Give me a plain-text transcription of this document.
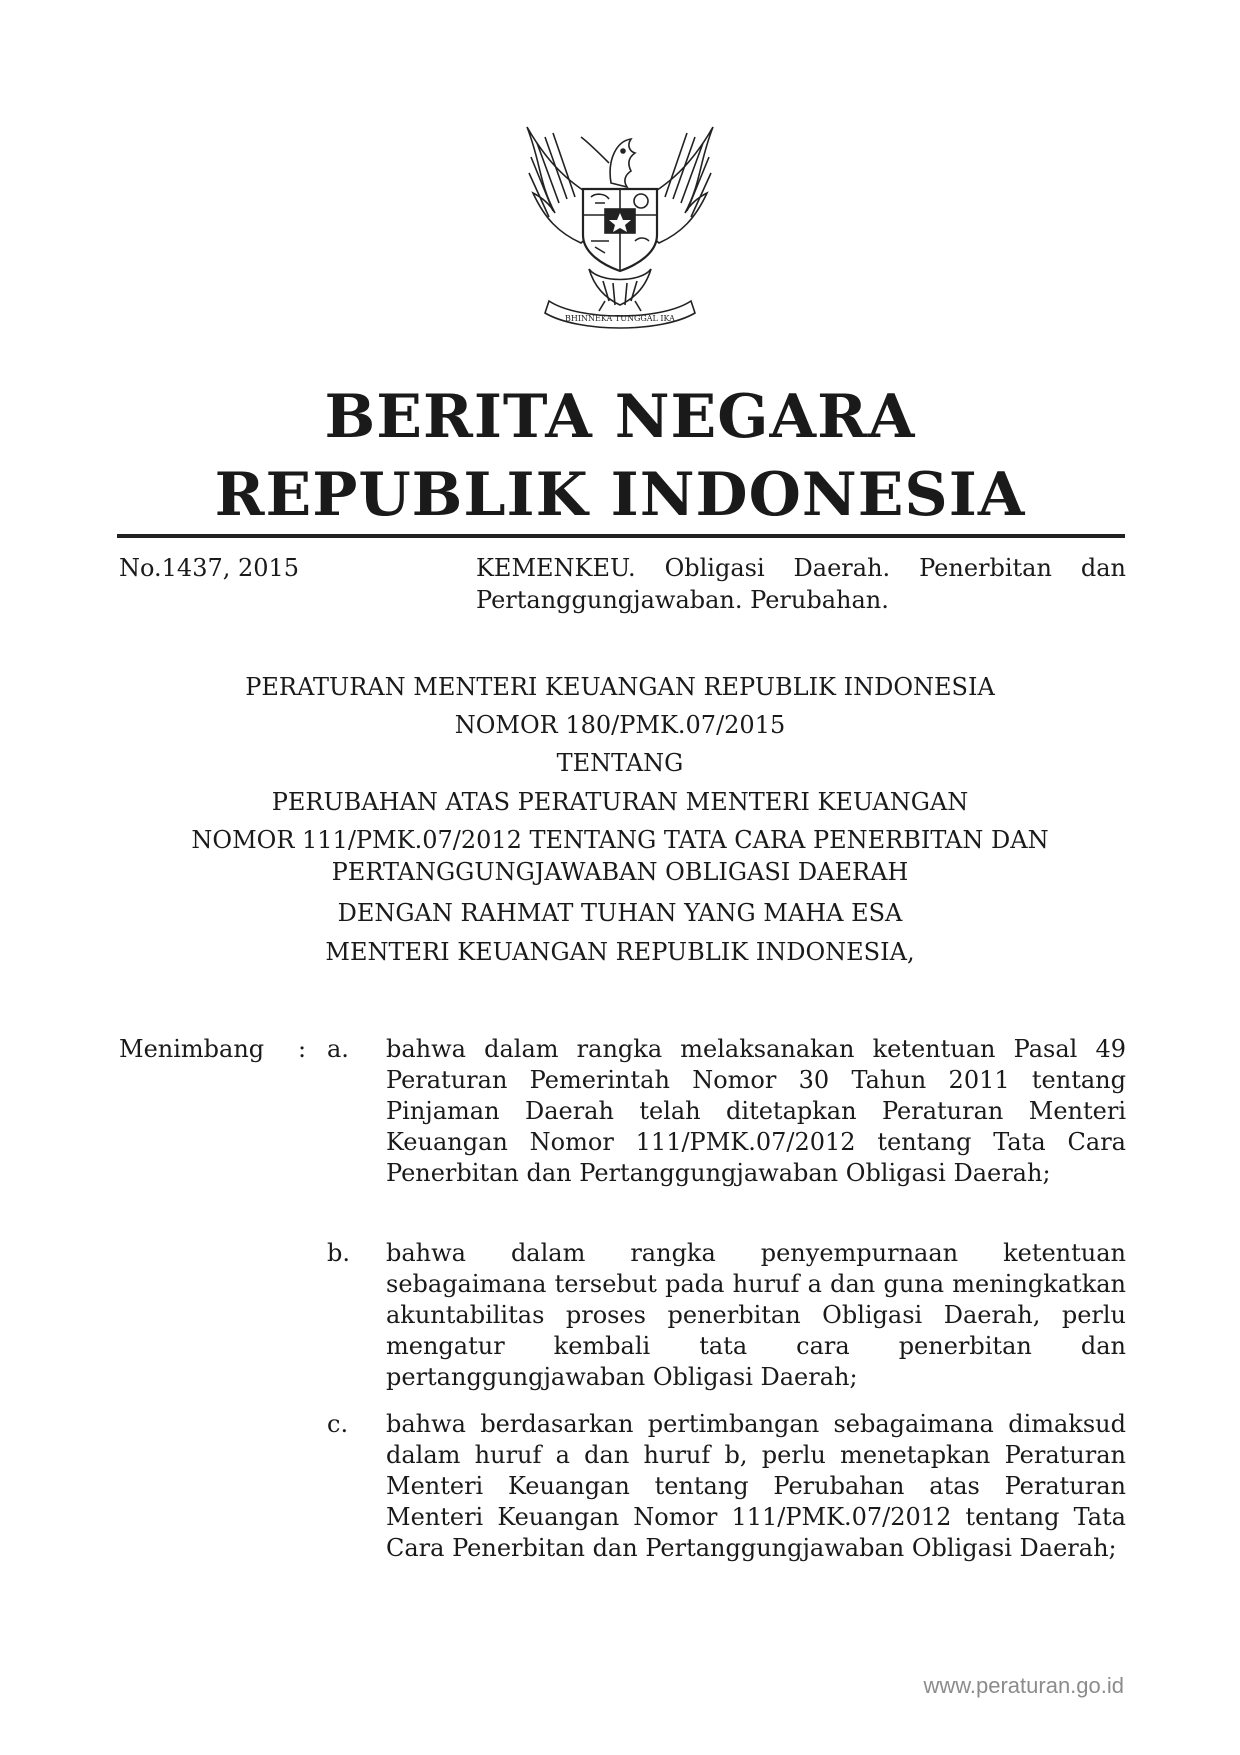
BHINNEKA TUNGGAL IKA
BERITA NEGARA
REPUBLIK INDONESIA
No.1437, 2015	KEMENKEU. Obligasi Daerah. Penerbitan dan Pertanggungjawaban. Perubahan.
PERATURAN MENTERI KEUANGAN REPUBLIK INDONESIA
NOMOR 180/PMK.07/2015
TENTANG
PERUBAHAN ATAS PERATURAN MENTERI KEUANGAN
NOMOR 111/PMK.07/2012 TENTANG TATA CARA PENERBITAN DAN
PERTANGGUNGJAWABAN OBLIGASI DAERAH
DENGAN RAHMAT TUHAN YANG MAHA ESA
MENTERI KEUANGAN REPUBLIK INDONESIA,
Menimbang : a. bahwa dalam rangka melaksanakan ketentuan Pasal 49 Peraturan Pemerintah Nomor 30 Tahun 2011 tentang Pinjaman Daerah telah ditetapkan Peraturan Menteri Keuangan Nomor 111/PMK.07/2012 tentang Tata Cara Penerbitan dan Pertanggungjawaban Obligasi Daerah;
b. bahwa dalam rangka penyempurnaan ketentuan sebagaimana tersebut pada huruf a dan guna meningkatkan akuntabilitas proses penerbitan Obligasi Daerah, perlu mengatur kembali tata cara penerbitan dan pertanggungjawaban Obligasi Daerah;
c. bahwa berdasarkan pertimbangan sebagaimana dimaksud dalam huruf a dan huruf b, perlu menetapkan Peraturan Menteri Keuangan tentang Perubahan atas Peraturan Menteri Keuangan Nomor 111/PMK.07/2012 tentang Tata Cara Penerbitan dan Pertanggungjawaban Obligasi Daerah;
www.peraturan.go.id
